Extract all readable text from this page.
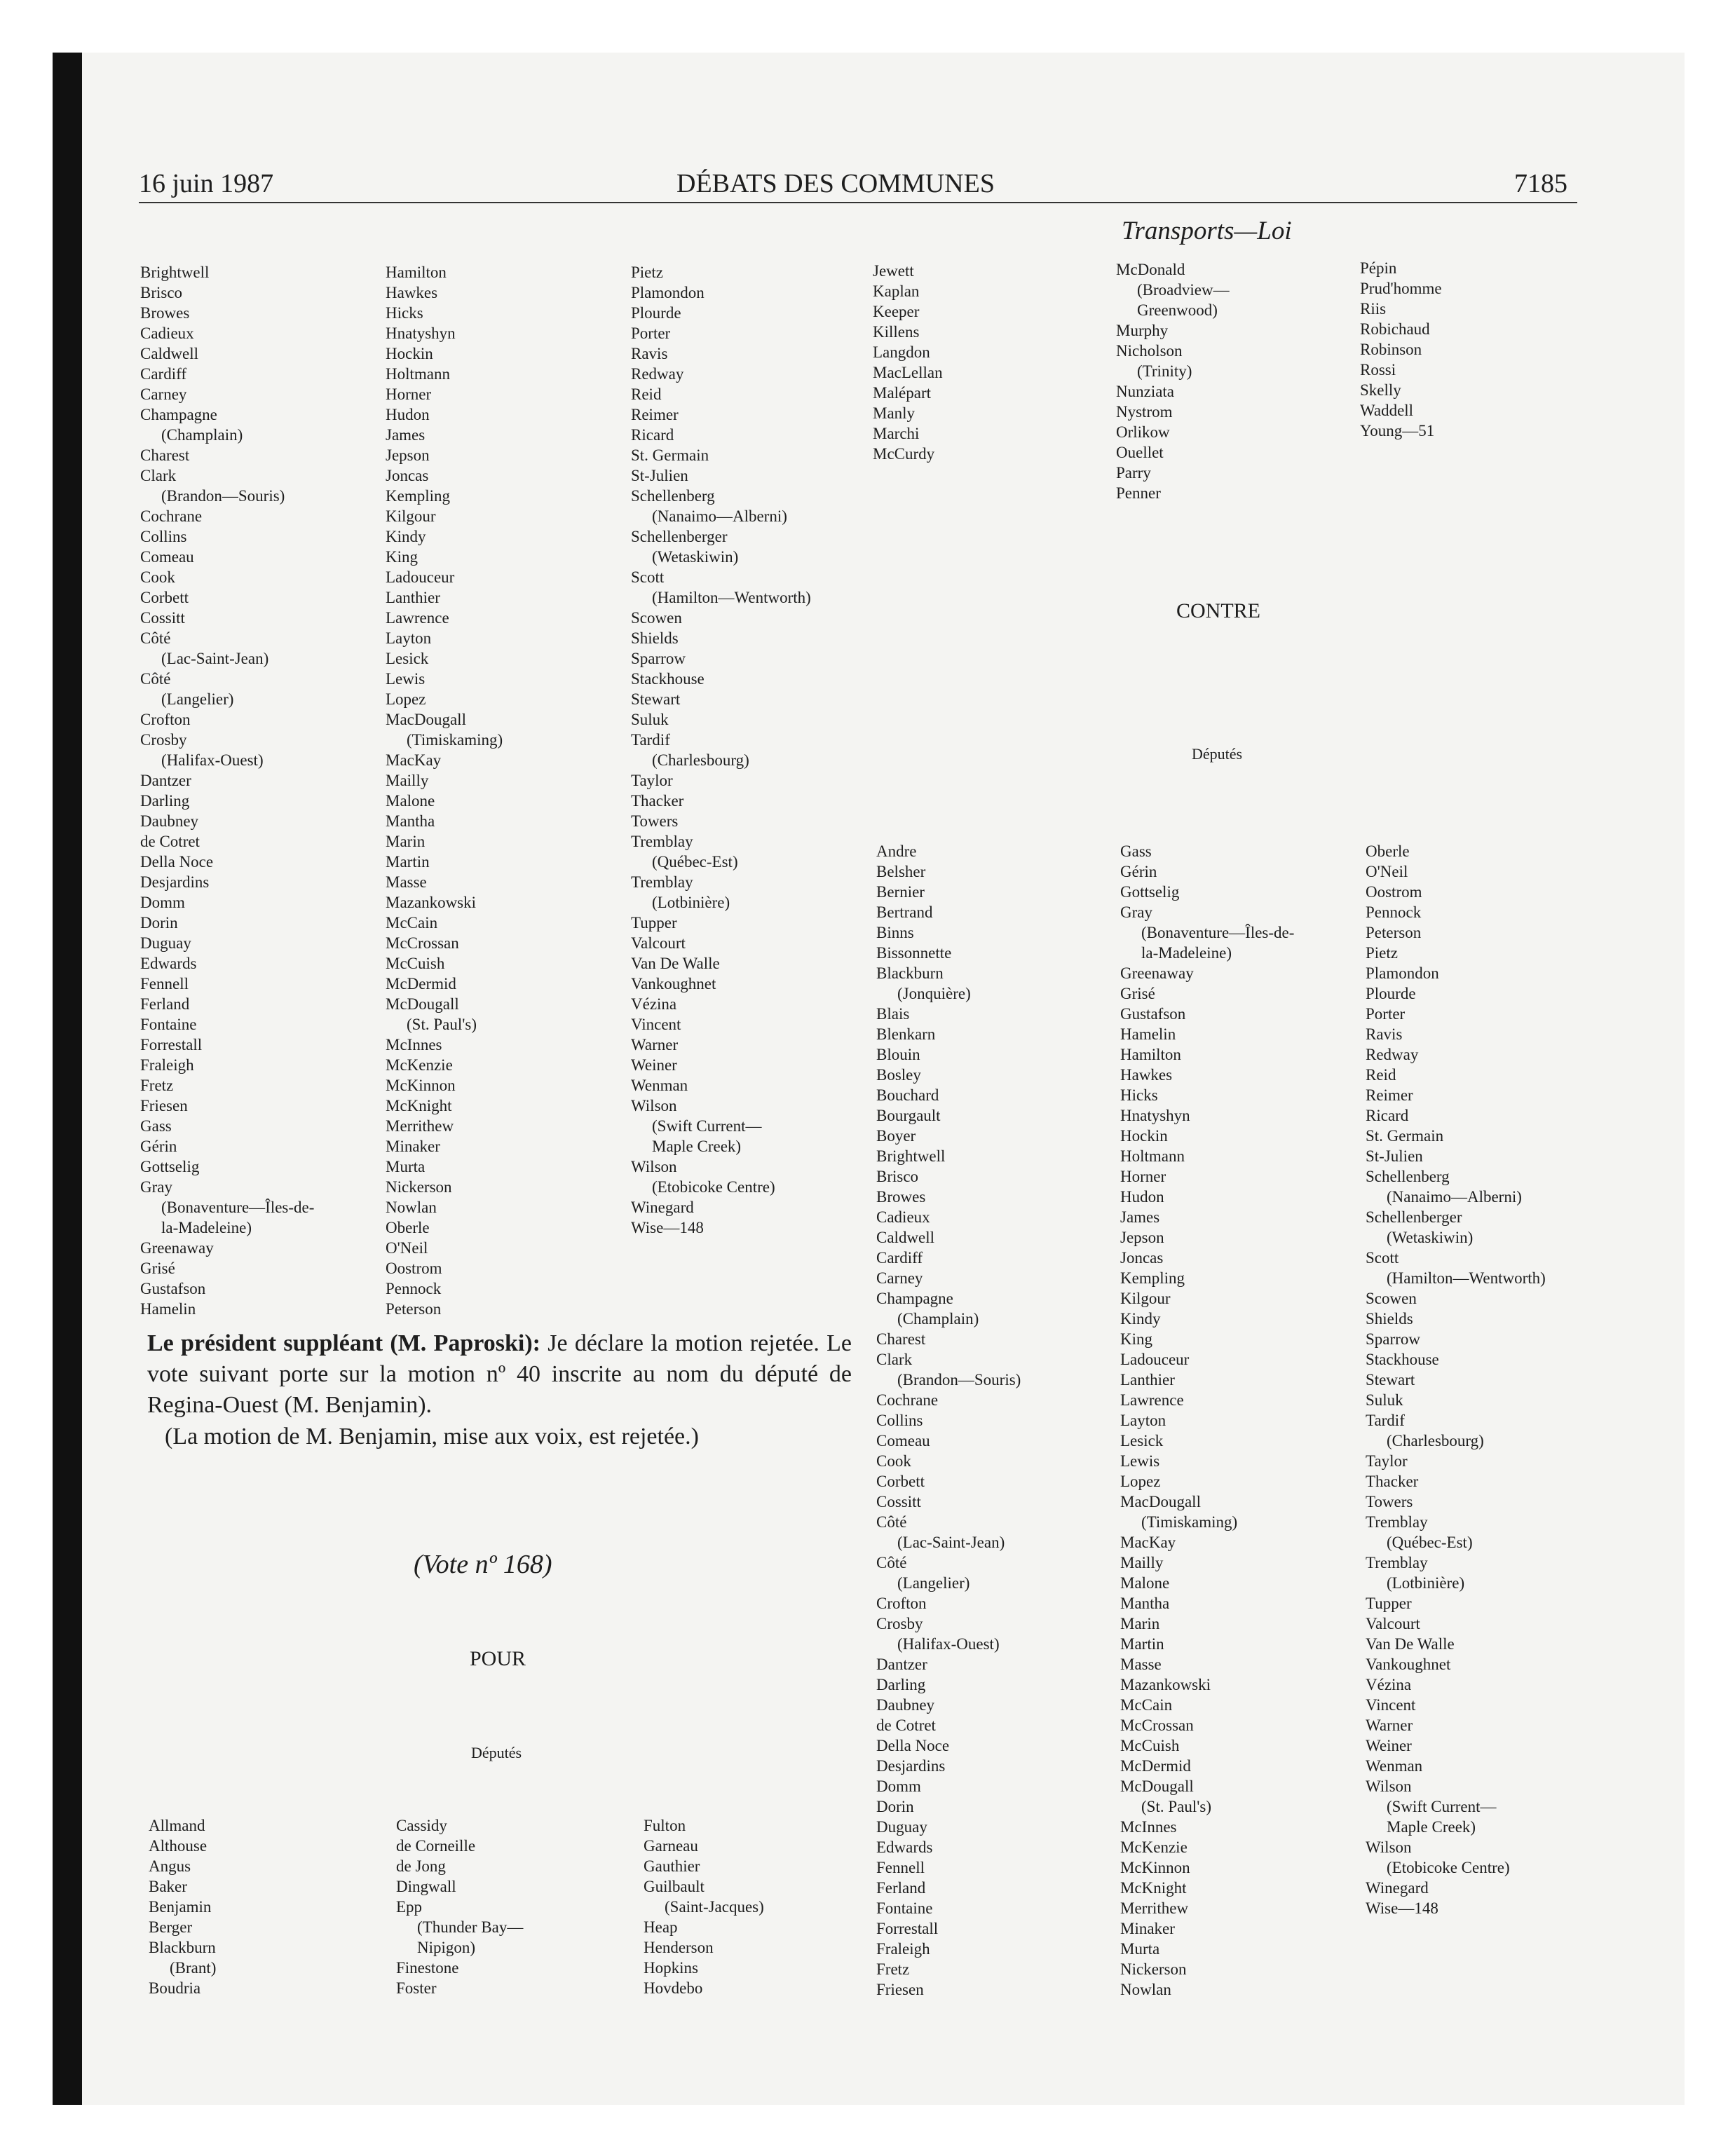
16 juin 1987	DÉBATS DES COMMUNES	7185
Transports—Loi
Brightwell
Brisco
Browes
Cadieux
Caldwell
Cardiff
Carney
Champagne
(Champlain)
Charest
Clark
(Brandon—Souris)
Cochrane
Collins
Comeau
Cook
Corbett
Cossitt
Côté
(Lac-Saint-Jean)
Côté
(Langelier)
Crofton
Crosby
(Halifax-Ouest)
Dantzer
Darling
Daubney
de Cotret
Della Noce
Desjardins
Domm
Dorin
Duguay
Edwards
Fennell
Ferland
Fontaine
Forrestall
Fraleigh
Fretz
Friesen
Gass
Gérin
Gottselig
Gray
(Bonaventure—Îles-de-
la-Madeleine)
Greenaway
Grisé
Gustafson
Hamelin
Hamilton
Hawkes
Hicks
Hnatyshyn
Hockin
Holtmann
Horner
Hudon
James
Jepson
Joncas
Kempling
Kilgour
Kindy
King
Ladouceur
Lanthier
Lawrence
Layton
Lesick
Lewis
Lopez
MacDougall
(Timiskaming)
MacKay
Mailly
Malone
Mantha
Marin
Martin
Masse
Mazankowski
McCain
McCrossan
McCuish
McDermid
McDougall
(St. Paul's)
McInnes
McKenzie
McKinnon
McKnight
Merrithew
Minaker
Murta
Nickerson
Nowlan
Oberle
O'Neil
Oostrom
Pennock
Peterson
Pietz
Plamondon
Plourde
Porter
Ravis
Redway
Reid
Reimer
Ricard
St. Germain
St-Julien
Schellenberg
(Nanaimo—Alberni)
Schellenberger
(Wetaskiwin)
Scott
(Hamilton—Wentworth)
Scowen
Shields
Sparrow
Stackhouse
Stewart
Suluk
Tardif
(Charlesbourg)
Taylor
Thacker
Towers
Tremblay
(Québec-Est)
Tremblay
(Lotbinière)
Tupper
Valcourt
Van De Walle
Vankoughnet
Vézina
Vincent
Warner
Weiner
Wenman
Wilson
(Swift Current—
Maple Creek)
Wilson
(Etobicoke Centre)
Winegard
Wise—148
Jewett
Kaplan
Keeper
Killens
Langdon
MacLellan
Malépart
Manly
Marchi
McCurdy
McDonald
(Broadview—
Greenwood)
Murphy
Nicholson
(Trinity)
Nunziata
Nystrom
Orlikow
Ouellet
Parry
Penner
Pépin
Prud'homme
Riis
Robichaud
Robinson
Rossi
Skelly
Waddell
Young—51
CONTRE
Députés
Andre
Belsher
Bernier
Bertrand
Binns
Bissonnette
Blackburn
(Jonquière)
Blais
Blenkarn
Blouin
Bosley
Bouchard
Bourgault
Boyer
Brightwell
Brisco
Browes
Cadieux
Caldwell
Cardiff
Carney
Champagne
(Champlain)
Charest
Clark
(Brandon—Souris)
Cochrane
Collins
Comeau
Cook
Corbett
Cossitt
Côté
(Lac-Saint-Jean)
Côté
(Langelier)
Crofton
Crosby
(Halifax-Ouest)
Dantzer
Darling
Daubney
de Cotret
Della Noce
Desjardins
Domm
Dorin
Duguay
Edwards
Fennell
Ferland
Fontaine
Forrestall
Fraleigh
Fretz
Friesen
Gass
Gérin
Gottselig
Gray
(Bonaventure—Îles-de-
la-Madeleine)
Greenaway
Grisé
Gustafson
Hamelin
Hamilton
Hawkes
Hicks
Hnatyshyn
Hockin
Holtmann
Horner
Hudon
James
Jepson
Joncas
Kempling
Kilgour
Kindy
King
Ladouceur
Lanthier
Lawrence
Layton
Lesick
Lewis
Lopez
MacDougall
(Timiskaming)
MacKay
Mailly
Malone
Mantha
Marin
Martin
Masse
Mazankowski
McCain
McCrossan
McCuish
McDermid
McDougall
(St. Paul's)
McInnes
McKenzie
McKinnon
McKnight
Merrithew
Minaker
Murta
Nickerson
Nowlan
Oberle
O'Neil
Oostrom
Pennock
Peterson
Pietz
Plamondon
Plourde
Porter
Ravis
Redway
Reid
Reimer
Ricard
St. Germain
St-Julien
Schellenberg
(Nanaimo—Alberni)
Schellenberger
(Wetaskiwin)
Scott
(Hamilton—Wentworth)
Scowen
Shields
Sparrow
Stackhouse
Stewart
Suluk
Tardif
(Charlesbourg)
Taylor
Thacker
Towers
Tremblay
(Québec-Est)
Tremblay
(Lotbinière)
Tupper
Valcourt
Van De Walle
Vankoughnet
Vézina
Vincent
Warner
Weiner
Wenman
Wilson
(Swift Current—
Maple Creek)
Wilson
(Etobicoke Centre)
Winegard
Wise—148
Le président suppléant (M. Paproski): Je déclare la motion rejetée. Le vote suivant porte sur la motion nº 40 inscrite au nom du député de Regina-Ouest (M. Benjamin).
(La motion de M. Benjamin, mise aux voix, est rejetée.)
(Vote nº 168)
POUR
Députés
Allmand
Althouse
Angus
Baker
Benjamin
Berger
Blackburn
(Brant)
Boudria
Cassidy
de Corneille
de Jong
Dingwall
Epp
(Thunder Bay—
Nipigon)
Finestone
Foster
Fulton
Garneau
Gauthier
Guilbault
(Saint-Jacques)
Heap
Henderson
Hopkins
Hovdebo
